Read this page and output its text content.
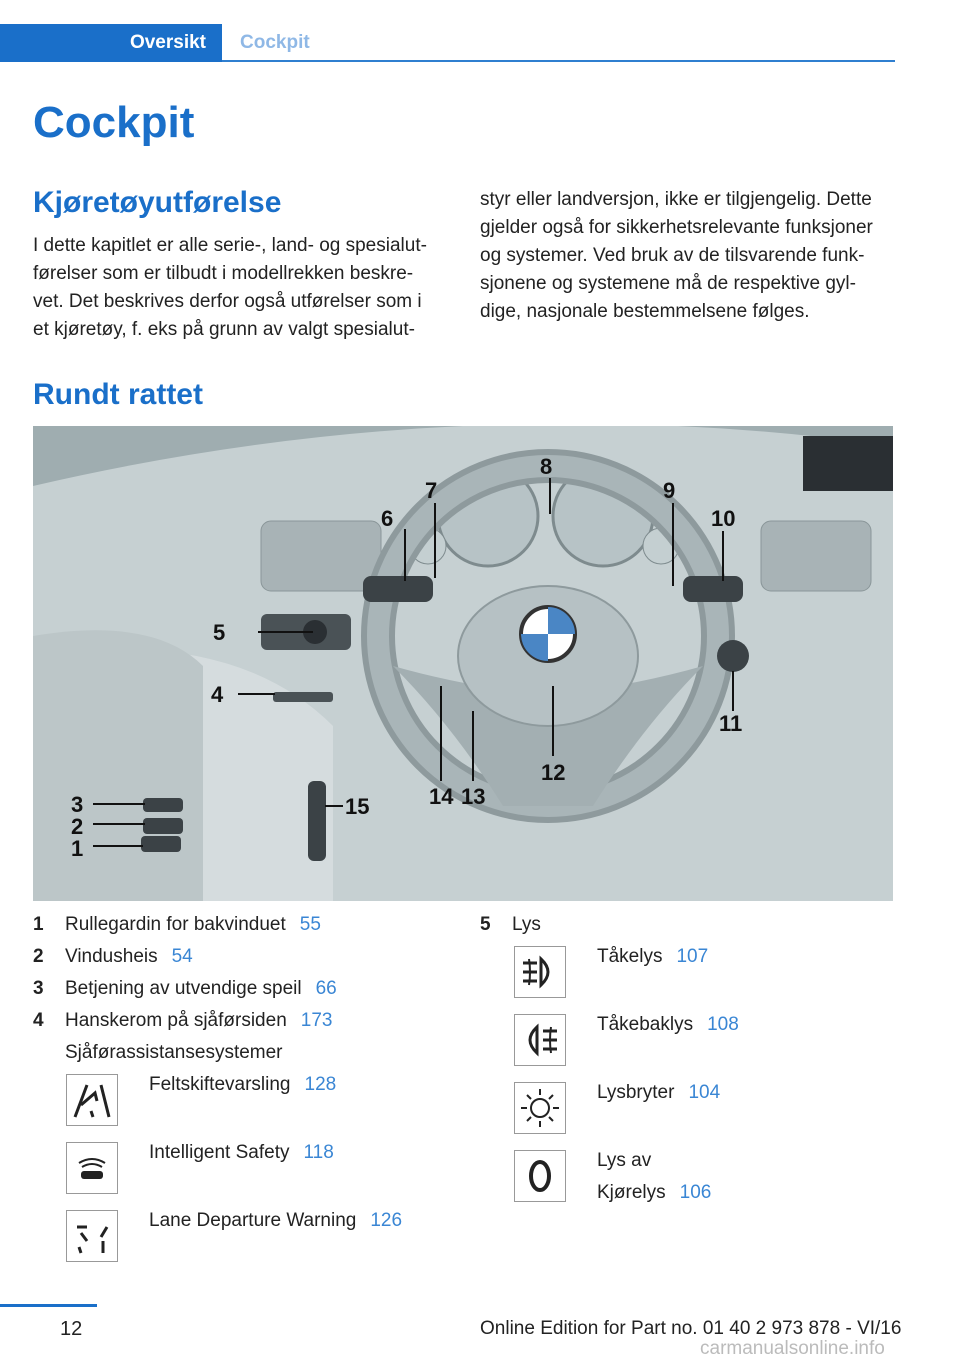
Oversikt	Cockpit
Cockpit
Kjøretøyutførelse
I dette kapitlet er alle serie-, land- og spesialut-
førelser som er tilbudt i modellrekken beskre-
vet. Det beskrives derfor også utførelser som i
et kjøretøy, f. eks på grunn av valgt spesialut-
styr eller landversjon, ikke er tilgjengelig. Dette
gjelder også for sikkerhetsrelevante funksjoner
og systemer. Ved bruk av de tilsvarende funk-
sjonene og systemene må de respektive gyl-
dige, nasjonale bestemmelsene følges.
Rundt rattet
1
2
3
4
5
6
7
8
9
10
11
12
13
14
15
1 Rullegardin for bakvinduet 55
2 Vindusheis 54
3 Betjening av utvendige speil 66
4 Hanskerom på sjåførsiden 173
Sjåførassistansesystemer
Feltskiftevarsling 128
Intelligent Safety 118
Lane Departure Warning 126
5 Lys
Tåkelys 107
Tåkebaklys 108
Lysbryter 104
Lys av
Kjørelys 106
12	Online Edition for Part no. 01 40 2 973 878 - VI/16
carmanualsonline.info
